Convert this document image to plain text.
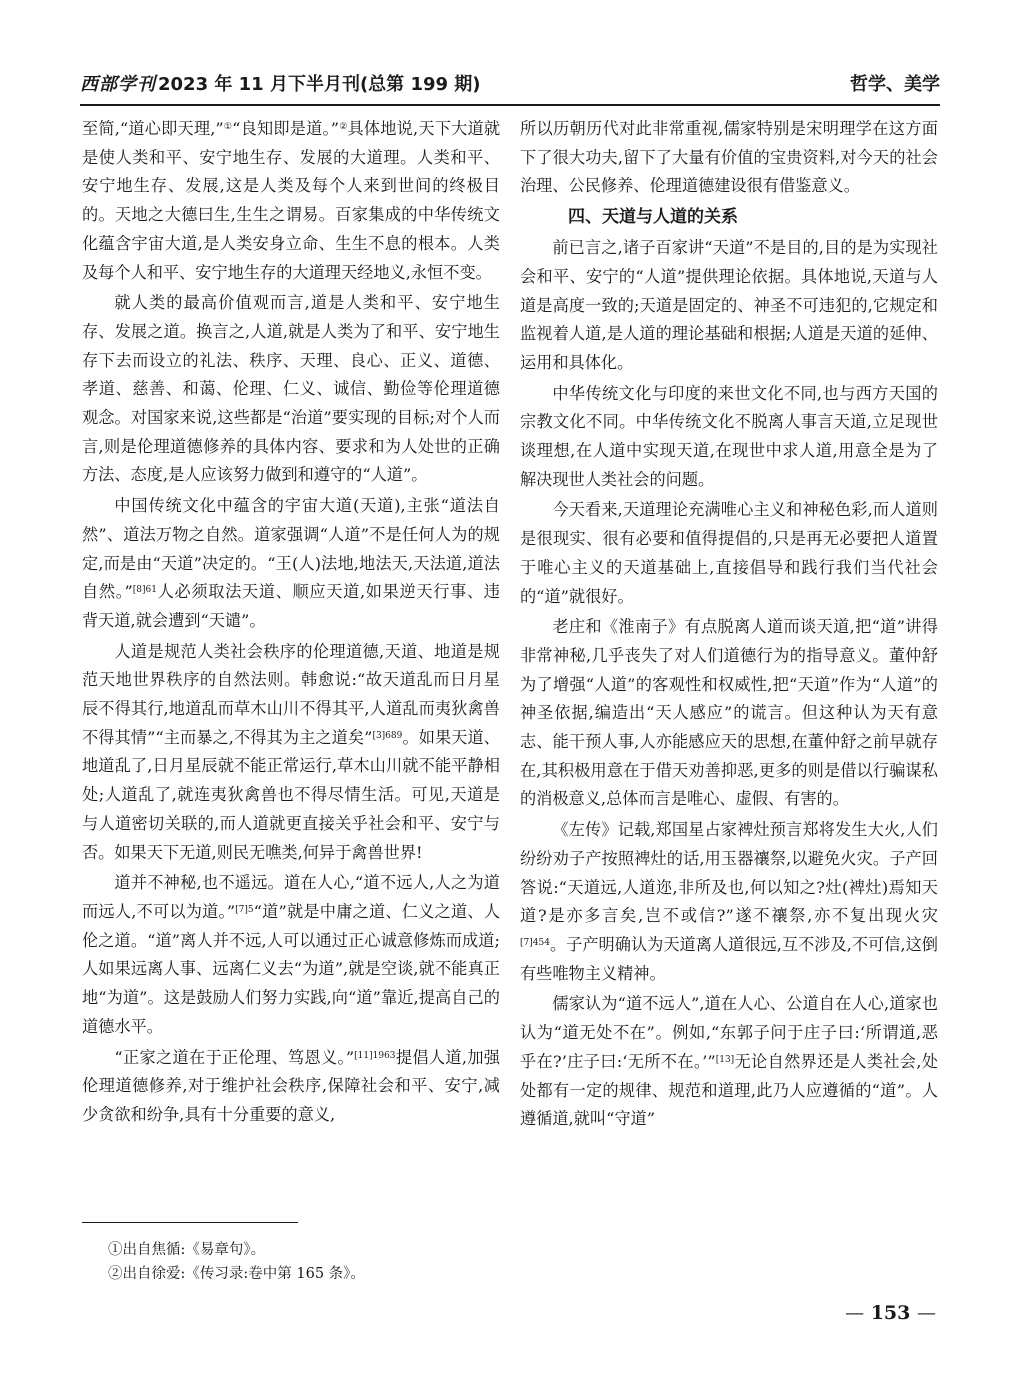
西部学刊 2023 年 11 月下半月刊(总第 199 期)	哲学、美学

至简,“道心即天理,”①“良知即是道。”②具体地说,天下大道就是使人类和平、安宁地生存、发展的大道理。人类和平、安宁地生存、发展,这是人类及每个人来到世间的终极目的。天地之大德曰生,生生之谓易。百家集成的中华传统文化蕴含宇宙大道,是人类安身立命、生生不息的根本。人类及每个人和平、安宁地生存的大道理天经地义,永恒不变。

就人类的最高价值观而言,道是人类和平、安宁地生存、发展之道。换言之,人道,就是人类为了和平、安宁地生存下去而设立的礼法、秩序、天理、良心、正义、道德、孝道、慈善、和蔼、伦理、仁义、诚信、勤俭等伦理道德观念。对国家来说,这些都是“治道”要实现的目标;对个人而言,则是伦理道德修养的具体内容、要求和为人处世的正确方法、态度,是人应该努力做到和遵守的“人道”。

中国传统文化中蕴含的宇宙大道(天道),主张“道法自然”、道法万物之自然。道家强调“人道”不是任何人为的规定,而是由“天道”决定的。“王(人)法地,地法天,天法道,道法自然。”$^{[8]61}$人必须取法天道、顺应天道,如果逆天行事、违背天道,就会遭到“天谴”。

人道是规范人类社会秩序的伦理道德,天道、地道是规范天地世界秩序的自然法则。韩愈说:“故天道乱而日月星辰不得其行,地道乱而草木山川不得其平,人道乱而夷狄禽兽不得其情”“主而暴之,不得其为主之道矣”$^{[3]689}$。如果天道、地道乱了,日月星辰就不能正常运行,草木山川就不能平静相处;人道乱了,就连夷狄禽兽也不得尽情生活。可见,天道是与人道密切关联的,而人道就更直接关乎社会和平、安宁与否。如果天下无道,则民无噍类,何异于禽兽世界!

道并不神秘,也不遥远。道在人心,“道不远人,人之为道而远人,不可以为道。”$^{[7]5}$“道”就是中庸之道、仁义之道、人伦之道。“道”离人并不远,人可以通过正心诚意修炼而成道;人如果远离人事、远离仁义去“为道”,就是空谈,就不能真正地“为道”。这是鼓励人们努力实践,向“道”靠近,提高自己的道德水平。

“正家之道在于正伦理、笃恩义。”$^{[11]1963}$提倡人道,加强伦理道德修养,对于维护社会秩序,保障社会和平、安宁,减少贪欲和纷争,具有十分重要的意义,

所以历朝历代对此非常重视,儒家特别是宋明理学在这方面下了很大功夫,留下了大量有价值的宝贵资料,对今天的社会治理、公民修养、伦理道德建设很有借鉴意义。

四、天道与人道的关系

前已言之,诸子百家讲“天道”不是目的,目的是为实现社会和平、安宁的“人道”提供理论依据。具体地说,天道与人道是高度一致的;天道是固定的、神圣不可违犯的,它规定和监视着人道,是人道的理论基础和根据;人道是天道的延伸、运用和具体化。

中华传统文化与印度的来世文化不同,也与西方天国的宗教文化不同。中华传统文化不脱离人事言天道,立足现世谈理想,在人道中实现天道,在现世中求人道,用意全是为了解决现世人类社会的问题。

今天看来,天道理论充满唯心主义和神秘色彩,而人道则是很现实、很有必要和值得提倡的,只是再无必要把人道置于唯心主义的天道基础上,直接倡导和践行我们当代社会的“道”就很好。

老庄和《淮南子》有点脱离人道而谈天道,把“道”讲得非常神秘,几乎丧失了对人们道德行为的指导意义。董仲舒为了增强“人道”的客观性和权威性,把“天道”作为“人道”的神圣依据,编造出“天人感应”的谎言。但这种认为天有意志、能干预人事,人亦能感应天的思想,在董仲舒之前早就存在,其积极用意在于借天劝善抑恶,更多的则是借以行骗谋私的消极意义,总体而言是唯心、虚假、有害的。

《左传》记载,郑国星占家裨灶预言郑将发生大火,人们纷纷劝子产按照裨灶的话,用玉器禳祭,以避免火灾。子产回答说:“天道远,人道迩,非所及也,何以知之?灶(裨灶)焉知天道?是亦多言矣,岂不或信?”遂不禳祭,亦不复出现火灾$^{[7]454}$。子产明确认为天道离人道很远,互不涉及,不可信,这倒有些唯物主义精神。

儒家认为“道不远人”,道在人心、公道自在人心,道家也认为“道无处不在”。例如,“东郭子问于庄子曰:‘所谓道,恶乎在?’庄子曰:‘无所不在。’”[13]无论自然界还是人类社会,处处都有一定的规律、规范和道理,此乃人应遵循的“道”。人遵循道,就叫“守道”

①出自焦循:《易章句》。
②出自徐爱:《传习录:卷中第 165 条》。
— 153 —
